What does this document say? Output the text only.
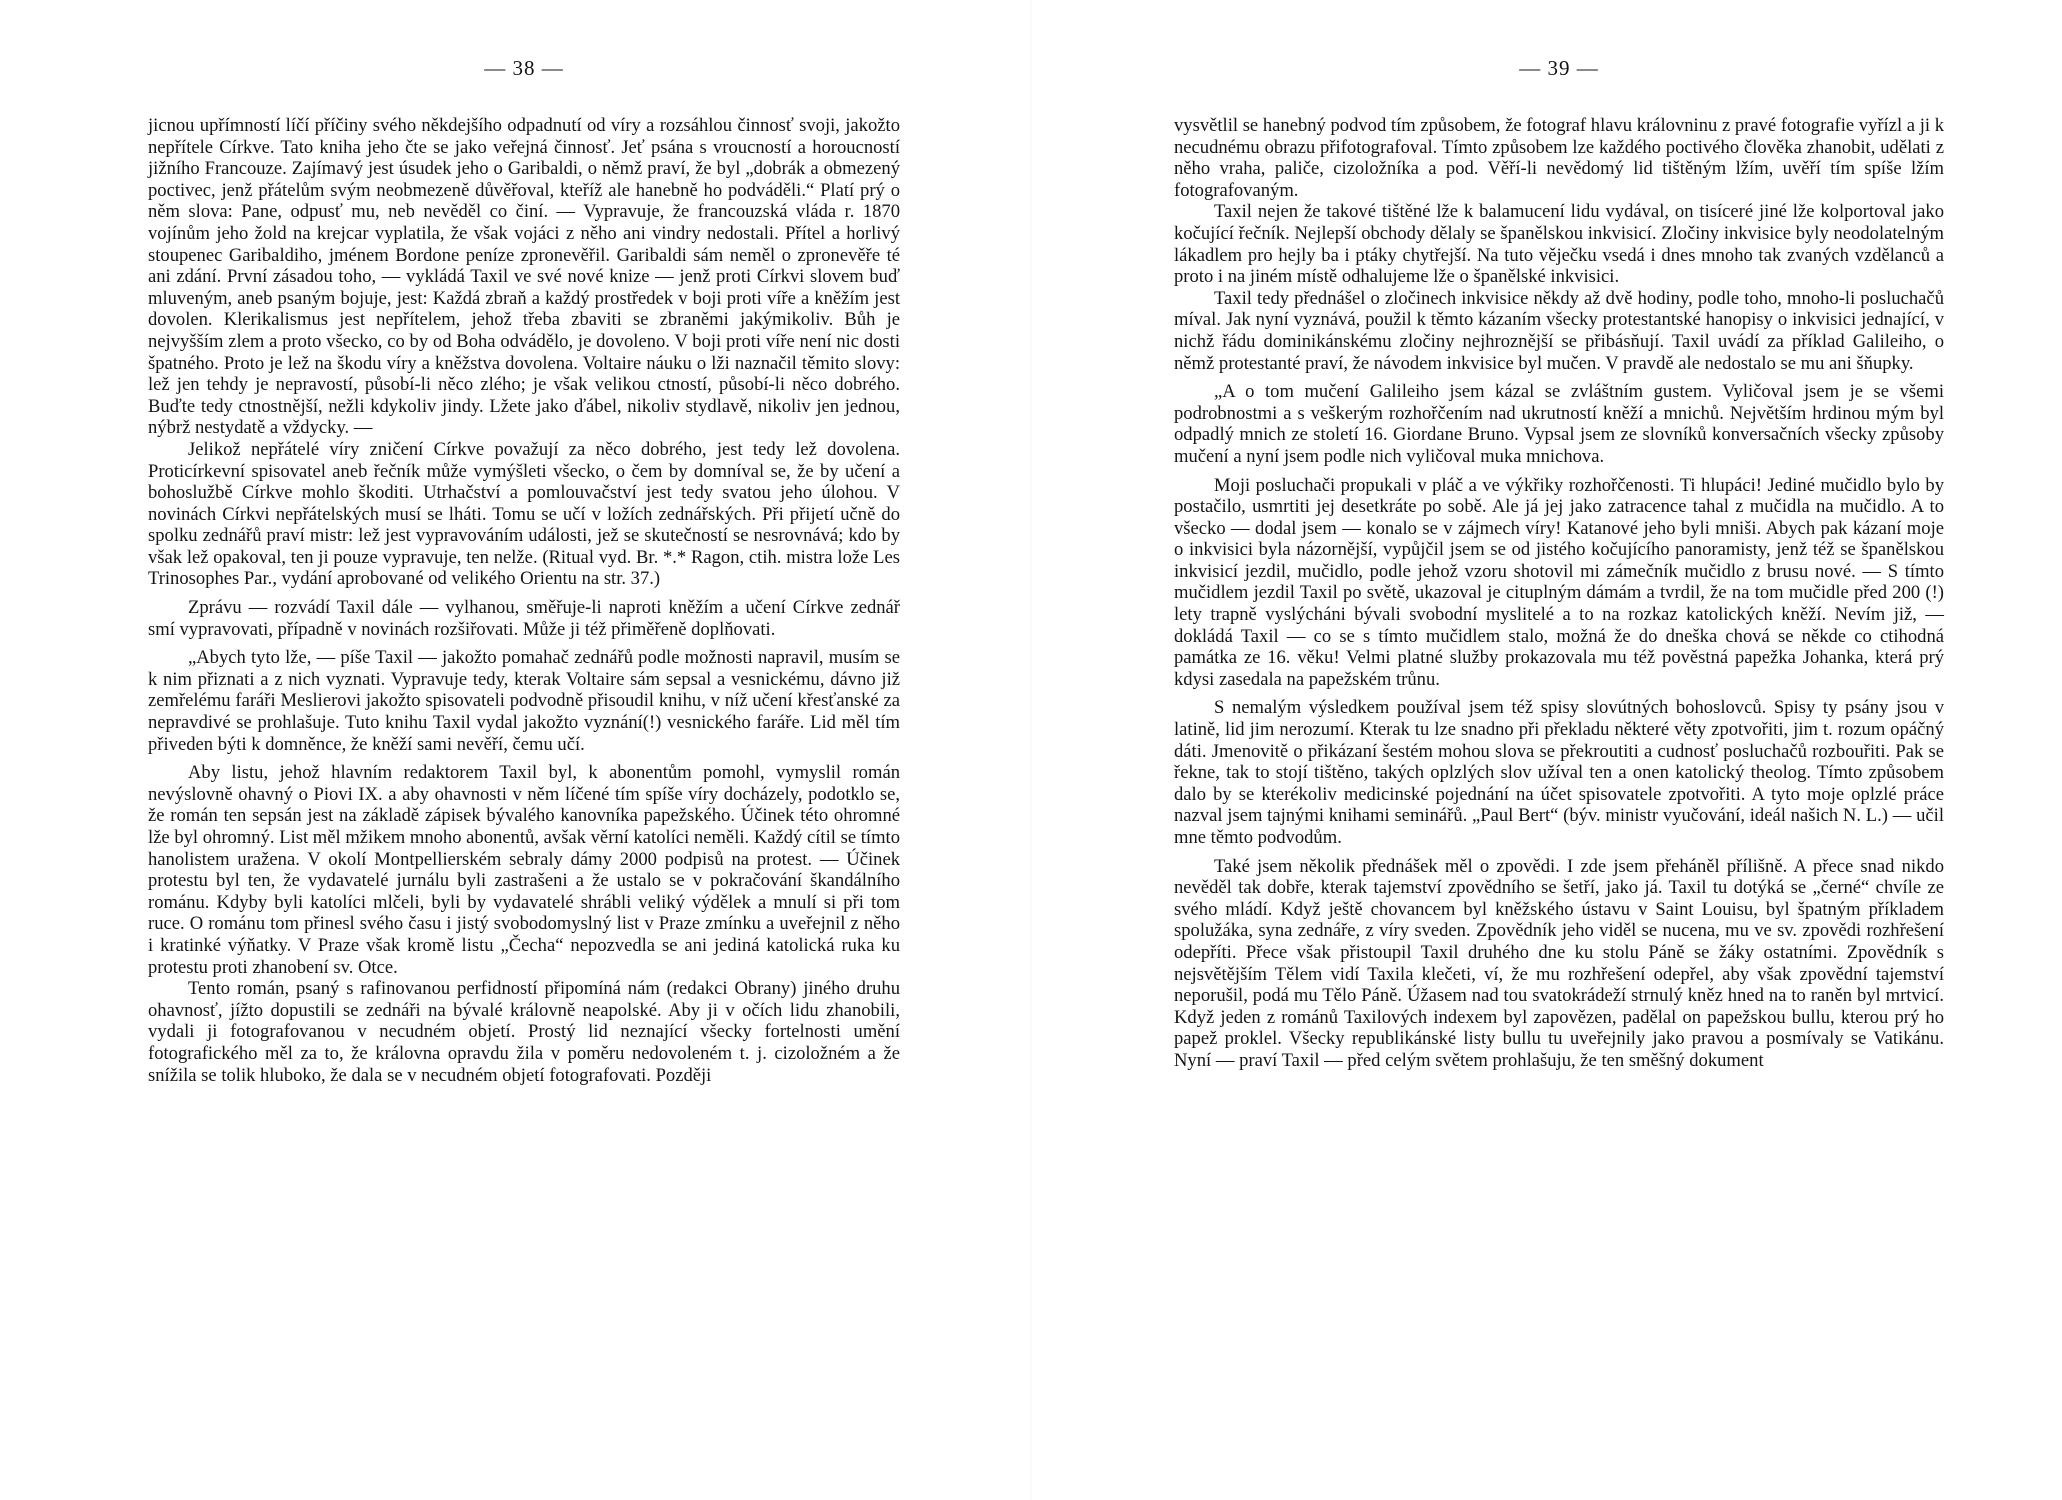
— 38 —

jicnou upřímností líčí příčiny svého někdejšího odpadnutí od víry a rozsáhlou činnosť svoji, jakožto nepřítele Církve. Tato kniha jeho čte se jako veřejná činnosť. Jeť psána s vroucností a horoucností jižního Francouze. Zajímavý jest úsudek jeho o Garibaldi, o němž praví, že byl „dobrák a obmezený poctivec, jenž přátelům svým neobmezeně důvěřoval, kteříž ale hanebně ho podváděli.“ Platí prý o něm slova: Pane, odpusť mu, neb nevěděl co činí. — Vypravuje, že francouzská vláda r. 1870 vojínům jeho žold na krejcar vyplatila, že však vojáci z něho ani vindry nedostali. Přítel a horlivý stoupenec Garibaldiho, jménem Bordone peníze zpronevěřil. Garibaldi sám neměl o zpronevěře té ani zdání. První zásadou toho, — vykládá Taxil ve své nové knize — jenž proti Církvi slovem buď mluveným, aneb psaným bojuje, jest: Každá zbraň a každý prostředek v boji proti víře a kněžím jest dovolen. Klerikalismus jest nepřítelem, jehož třeba zbaviti se zbraněmi jakýmikoliv. Bůh je nejvyšším zlem a proto všecko, co by od Boha odvádělo, je dovoleno. V boji proti víře není nic dosti špatného. Proto je lež na škodu víry a kněžstva dovolena. Voltaire náuku o lži naznačil těmito slovy: lež jen tehdy je nepravostí, působí-li něco zlého; je však velikou ctností, působí-li něco dobrého. Buďte tedy ctnostnější, nežli kdykoliv jindy. Lžete jako ďábel, nikoliv stydlavě, nikoliv jen jednou, nýbrž nestydatě a vždycky. —

Jelikož nepřátelé víry zničení Církve považují za něco dobrého, jest tedy lež dovolena. Proticírkevní spisovatel aneb řečník může vymýšleti všecko, o čem by domníval se, že by učení a bohoslužbě Církve mohlo škoditi. Utrhačství a pomlouvačství jest tedy svatou jeho úlohou. V novinách Církvi nepřátelských musí se lháti. Tomu se učí v ložích zednářských. Při přijetí učně do spolku zednářů praví mistr: lež jest vypravováním události, jež se skutečností se nesrovnává; kdo by však lež opakoval, ten ji pouze vypravuje, ten nelže. (Ritual vyd. Br. *.* Ragon, ctih. mistra lože Les Trinosophes Par., vydání aprobované od velikého Orientu na str. 37.)

Zprávu — rozvádí Taxil dále — vylhanou, směřuje-li naproti kněžím a učení Církve zednář smí vypravovati, případně v novinách rozšiřovati. Může ji též přiměřeně doplňovati.

„Abych tyto lže, — píše Taxil — jakožto pomahač zednářů podle možnosti napravil, musím se k nim přiznati a z nich vyznati. Vypravuje tedy, kterak Voltaire sám sepsal a vesnickému, dávno již zemřelému faráři Meslierovi jakožto spisovateli podvodně přisoudil knihu, v níž učení křesťanské za nepravdivé se prohlašuje. Tuto knihu Taxil vydal jakožto vyznání(!) vesnického faráře. Lid měl tím přiveden býti k domněnce, že kněží sami nevěří, čemu učí.

Aby listu, jehož hlavním redaktorem Taxil byl, k abonentům pomohl, vymyslil román nevýslovně ohavný o Piovi IX. a aby ohavnosti v něm líčené tím spíše víry docházely, podotklo se, že román ten sepsán jest na základě zápisek bývalého kanovníka papežského. Účinek této ohromné lže byl ohromný. List měl mžikem mnoho abonentů, avšak věrní katolíci neměli. Každý cítil se tímto hanolistem uražena. V okolí Montpellierském sebraly dámy 2000 podpisů na protest. — Účinek protestu byl ten, že vydavatelé jurnálu byli zastrašeni a že ustalo se v pokračování škandálního románu. Kdyby byli katolíci mlčeli, byli by vydavatelé shrábli veliký výdělek a mnulí si při tom ruce. O románu tom přinesl svého času i jistý svobodomyslný list v Praze zmínku a uveřejnil z něho i kratinké výňatky. V Praze však kromě listu „Čecha“ nepozvedla se ani jediná katolická ruka ku protestu proti zhanobení sv. Otce.

Tento román, psaný s rafinovanou perfidností připomíná nám (redakci Obrany) jiného druhu ohavnosť, jížto dopustili se zednáři na bývalé královně neapolské. Aby ji v očích lidu zhanobili, vydali ji fotografovanou v necudném objetí. Prostý lid neznající všecky fortelnosti umění fotografického měl za to, že královna opravdu žila v poměru nedovoleném t. j. cizoložném a že snížila se tolik hluboko, že dala se v necudném objetí fotografovati. Později

— 39 —

vysvětlil se hanebný podvod tím způsobem, že fotograf hlavu královninu z pravé fotografie vyřízl a ji k necudnému obrazu přifotografoval. Tímto způsobem lze každého poctivého člověka zhanobit, udělati z něho vraha, paliče, cizoložníka a pod. Věří-li nevědomý lid tištěným lžím, uvěří tím spíše lžím fotografovaným.

Taxil nejen že takové tištěné lže k balamucení lidu vydával, on tisíceré jiné lže kolportoval jako kočující řečník. Nejlepší obchody dělaly se španělskou inkvisicí. Zločiny inkvisice byly neodolatelným lákadlem pro hejly ba i ptáky chytřejší. Na tuto věječku vsedá i dnes mnoho tak zvaných vzdělanců a proto i na jiném místě odhalujeme lže o španělské inkvisici.

Taxil tedy přednášel o zločinech inkvisice někdy až dvě hodiny, podle toho, mnoho-li posluchačů míval. Jak nyní vyznává, použil k těmto kázaním všecky protestantské hanopisy o inkvisici jednající, v nichž řádu dominikánskému zločiny nejhroznější se přibásňují. Taxil uvádí za příklad Galileiho, o němž protestanté praví, že návodem inkvisice byl mučen. V pravdě ale nedostalo se mu ani šňupky.

„A o tom mučení Galileiho jsem kázal se zvláštním gustem. Vyličoval jsem je se všemi podrobnostmi a s veškerým rozhořčením nad ukrutností kněží a mnichů. Největším hrdinou mým byl odpadlý mnich ze století 16. Giordane Bruno. Vypsal jsem ze slovníků konversačních všecky způsoby mučení a nyní jsem podle nich vyličoval muka mnichova.

Moji posluchači propukali v pláč a ve výkřiky rozhořčenosti. Ti hlupáci! Jediné mučidlo bylo by postačilo, usmrtiti jej desetkráte po sobě. Ale já jej jako zatracence tahal z mučidla na mučidlo. A to všecko — dodal jsem — konalo se v zájmech víry! Katanové jeho byli mniši. Abych pak kázaní moje o inkvisici byla názornější, vypůjčil jsem se od jistého kočujícího panoramisty, jenž též se španělskou inkvisicí jezdil, mučidlo, podle jehož vzoru shotovil mi zámečník mučidlo z brusu nové. — S tímto mučidlem jezdil Taxil po světě, ukazoval je cituplným dámám a tvrdil, že na tom mučidle před 200 (!) lety trapně vyslýcháni bývali svobodní myslitelé a to na rozkaz katolických kněží. Nevím již, — dokládá Taxil — co se s tímto mučidlem stalo, možná že do dneška chová se někde co ctihodná památka ze 16. věku! Velmi platné služby prokazovala mu též pověstná papežka Johanka, která prý kdysi zasedala na papežském trůnu.

S nemalým výsledkem používal jsem též spisy slovútných bohoslovců. Spisy ty psány jsou v latině, lid jim nerozumí. Kterak tu lze snadno při překladu některé věty zpotvořiti, jim t. rozum opáčný dáti. Jmenovitě o přikázaní šestém mohou slova se překroutiti a cudnosť posluchačů rozbouřiti. Pak se řekne, tak to stojí tištěno, takých oplzlých slov užíval ten a onen katolický theolog. Tímto způsobem dalo by se kterékoliv medicinské pojednání na účet spisovatele zpotvořiti. A tyto moje oplzlé práce nazval jsem tajnými knihami seminářů. „Paul Bert“ (býv. ministr vyučování, ideál našich N. L.) — učil mne těmto podvodům.

Také jsem několik přednášek měl o zpovědi. I zde jsem přeháněl přílišně. A přece snad nikdo nevěděl tak dobře, kterak tajemství zpovědního se šetří, jako já. Taxil tu dotýká se „černé“ chvíle ze svého mládí. Když ještě chovancem byl kněžského ústavu v Saint Louisu, byl špatným příkladem spolužáka, syna zednáře, z víry sveden. Zpovědník jeho viděl se nucena, mu ve sv. zpovědi rozhřešení odepříti. Přece však přistoupil Taxil druhého dne ku stolu Páně se žáky ostatními. Zpovědník s nejsvětějším Tělem vidí Taxila klečeti, ví, že mu rozhřešení odepřel, aby však zpovědní tajemství neporušil, podá mu Tělo Páně. Úžasem nad tou svatokrádeží strnulý kněz hned na to raněn byl mrtvicí. Když jeden z románů Taxilových indexem byl zapovězen, padělal on papežskou bullu, kterou prý ho papež proklel. Všecky republikánské listy bullu tu uveřejnily jako pravou a posmívaly se Vatikánu. Nyní — praví Taxil — před celým světem prohlašuju, že ten směšný dokument
